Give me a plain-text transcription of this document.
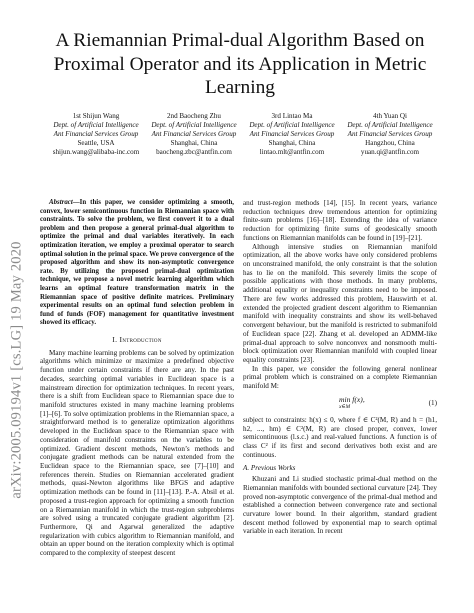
arXiv:2005.09194v1 [cs.LG] 19 May 2020
A Riemannian Primal-dual Algorithm Based on Proximal Operator and its Application in Metric Learning
1st Shijun Wang
Dept. of Artificial Intelligence
Ant Financial Services Group
Seattle, USA
shijun.wang@alibaba-inc.com
2nd Baocheng Zhu
Dept. of Artificial Intelligence
Ant Financial Services Group
Shanghai, China
baocheng.zbc@antfin.com
3rd Lintao Ma
Dept. of Artificial Intelligence
Ant Financial Services Group
Shanghai, China
lintao.mlt@antfin.com
4th Yuan Qi
Dept. of Artificial Intelligence
Ant Financial Services Group
Hangzhou, China
yuan.qi@antfin.com

Abstract—In this paper, we consider optimizing a smooth, convex, lower semicontinuous function in Riemannian space with constraints. To solve the problem, we first convert it to a dual problem and then propose a general primal-dual algorithm to optimize the primal and dual variables iteratively. In each optimization iteration, we employ a proximal operator to search optimal solution in the primal space. We prove convergence of the proposed algorithm and show its non-asymptotic convergence rate. By utilizing the proposed primal-dual optimization technique, we propose a novel metric learning algorithm which learns an optimal feature transformation matrix in the Riemannian space of positive definite matrices. Preliminary experimental results on an optimal fund selection problem in fund of funds (FOF) management for quantitative investment showed its efficacy.

I. Introduction

Many machine learning problems can be solved by optimization algorithms which minimize or maximize a predefined objective function under certain constraints if there are any. In the past decades, searching optimal variables in Euclidean space is a mainstream direction for optimization techniques. In recent years, there is a shift from Euclidean space to Riemannian space due to manifold structures existed in many machine learning problems [1]–[6]. To solve optimization problems in the Riemannian space, a straightforward method is to generalize optimization algorithms developed in the Euclidean space to the Riemannian space with consideration of manifold constraints on the variables to be optimized. Gradient descent methods, Newton’s methods and conjugate gradient methods can be natural extended from the Euclidean space to the Riemannian space, see [7]–[10] and references therein. Studies on Riemannian accelerated gradient methods, quasi-Newton algorithms like BFGS and adaptive optimization methods can be found in [11]–[13]. P.-A. Absil et al. proposed a trust-region approach for optimizing a smooth function on a Riemannian manifold in which the trust-region subproblems are solved using a truncated conjugate gradient algorithm [2]. Furthermore, Qi and Agarwal generalized the adaptive regularization with cubics algorithm to Riemannian manifold, and obtain an upper bound on the iteration complexity which is optimal compared to the complexity of steepest descent

and trust-region methods [14], [15]. In recent years, variance reduction techniques drew tremendous attention for optimizing finite-sum problems [16]–[18]. Extending the idea of variance reduction for optimizing finite sums of geodesically smooth functions on Riemannian manifolds can be found in [19]–[21].

Although intensive studies on Riemannian manifold optimization, all the above works have only considered problems on unconstrained manifold, the only constraint is that the solution has to lie on the manifold. This severely limits the scope of possible applications with those methods. In many problems, additional equality or inequality constraints need to be imposed. There are few works addressed this problem, Hauswirth et al. extended the projected gradient descent algorithm to Riemannian manifold with inequality constraints and show its well-behaved convergent behaviour, but the manifold is restricted to submanifold of Euclidean space [22]. Zhang et al. developed an ADMM-like primal-dual approach to solve nonconvex and nonsmooth multi-block optimization over Riemannian manifold with coupled linear equality constraints [23].

In this paper, we consider the following general nonlinear primal problem which is constrained on a complete Riemannian manifold M:

min f(x),
x∈M	(1)

subject to constraints: h(x) ≤ 0, where f ∈ C²(M, R) and h = (h1, h2, ..., hm) ∈ C²(M, R) are closed proper, convex, lower semicontinuous (l.s.c.) and real-valued functions. A function is of class C² if its first and second derivatives both exist and are continuous.

A. Previous Works

Khuzani and Li studied stochastic primal-dual method on the Riemannian manifolds with bounded sectional curvature [24]. They proved non-asymptotic convergence of the primal-dual method and established a connection between convergence rate and sectional curvature lower bound. In their algorithm, standard gradient descent method followed by exponential map to search optimal variable in each iteration. In recent
